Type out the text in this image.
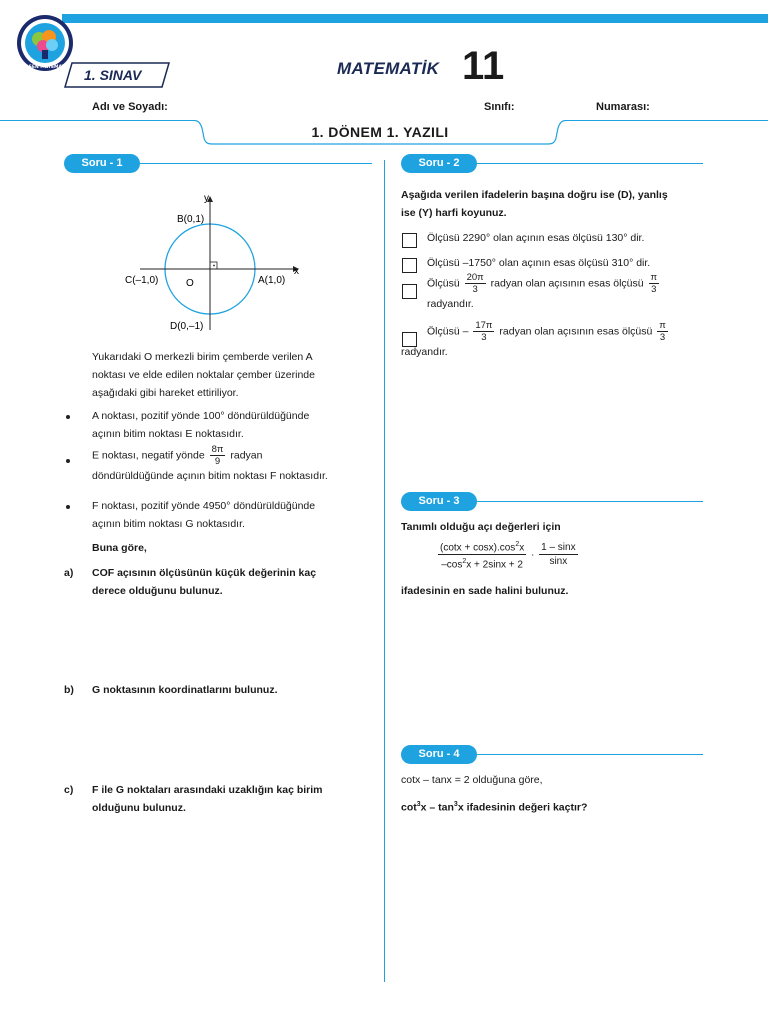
BİRSEN MATEMATİK 1. SINAV	MATEMATİK 11
Adı ve Soyadı:	Sınıfı:	Numarası:
1. DÖNEM 1. YAZILI
Soru - 1
y
x
B(0,1)
A(1,0)
C(–1,0)
D(0,–1)
O
Yukarıdaki O merkezli birim çemberde verilen A
noktası ve elde edilen noktalar çember üzerinde
aşağıdaki gibi hareket ettiriliyor.
A noktası, pozitif yönde 100° döndürüldüğünde
açının bitim noktası E noktasıdır.
E noktası, negatif yönde $\frac{8\pi}{9}$ radyan
döndürüldüğünde açının bitim noktası F noktasıdır.
F noktası, pozitif yönde 4950° döndürüldüğünde
açının bitim noktası G noktasıdır.
Buna göre,
a) COF açısının ölçüsünün küçük değerinin kaç
derece olduğunu bulunuz.
b) G noktasının koordinatlarını bulunuz.
c) F ile G noktaları arasındaki uzaklığın kaç birim
olduğunu bulunuz.
Soru - 2
Aşağıda verilen ifadelerin başına doğru ise (D), yanlış
ise (Y) harfi koyunuz.
Ölçüsü 2290° olan açının esas ölçüsü 130° dir.
Ölçüsü –1750° olan açının esas ölçüsü 310° dir.
Ölçüsü $\frac{20\pi}{3}$ radyan olan açısının esas ölçüsü $\frac{\pi}{3}$
radyandır.
Ölçüsü – $\frac{17\pi}{3}$ radyan olan açısının esas ölçüsü $\frac{\pi}{3}$
radyandır.
Soru - 3
Tanımlı olduğu açı değerleri için
$\frac{(\cot x + \cos x).\cos^2x}{-\cos^2x + 2\sin x + 2} \cdot \frac{1 - \sin x}{\sin x}$
ifadesinin en sade halini bulunuz.
Soru - 4
cotx – tanx = 2 olduğuna göre,
$\cot^3x - \tan^3x$ ifadesinin değeri kaçtır?
